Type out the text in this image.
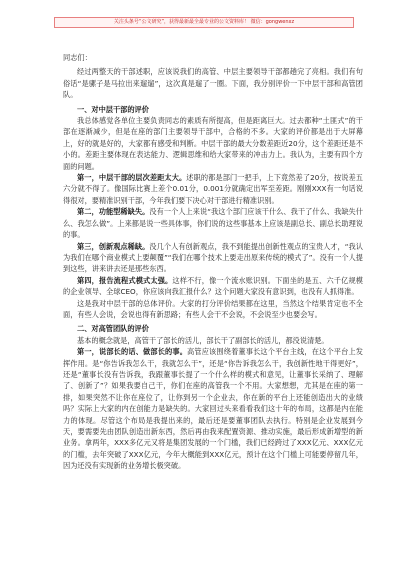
关注头条号“公文研究”，获得最新最全最专业的公文资料库！ 微信：gongwenxz

同志们：

经过两整天的干部述职，应该说我们的高管、中层主要领导干部都趟完了亮相。我们有句俗话“是骡子是马拉出来遛遛”，这次真是遛了一圈。下面，我分别评价一下中层干部和高管团队。

一、对中层干部的评价

我总体感觉各单位主要负责同志的素质有所提高，但是距离巨大。过去都种“土匪式”的干部在逐渐减少，但是在座的部门主要领导干部中，合格的不多。大家的评价都是出于大屏幕上，好的就是好的，大家都有感受和判断。中层干部的最大分数差距近20分，这个差距还是不小的。差距主要体现在表达能力、逻辑思维和给大家带来的冲击力上。我认为，主要有四个方面的问题。

第一，中层干部的层次差距太大。述职的都是部门一把手，上下竟然差了20分，按说差五六分就不得了。像国际比赛上差个0.01分，0.001分就确定出军至差距。刚刚XXX有一句话说得很对，要精准识别干部，今年我们要下决心对干部进行精准识别。

第二，功能型稀缺失。没有一个人上来说“我这个部门应该干什么、我干了什么、我缺失什么、我怎么做”。上来都是说一些具体事，你们说的这些事基本上应该是副总长、副总长助理说的事。

第三，创新观点稀缺。没几个人有创新观点，我不到能提出创新性观点的宝贵人才，“我认为我们在哪个商业模式上要颠覆”“我们在哪个技术上要走出原来传统的模式了”。没有一个人提到这些，讲来讲去还是那些东西。

第四，报告流程式模式太强。这样不行，像一个流水账识别。下面坐的是五、六千亿规模的企业领导、全球CEO，你应该向我汇报什么？这个问题大家没有意识到，也没有人抓得准。

这是我对中层干部的总体评价。大家的打分评价结果都在这里，当然这个结果肯定也不全面，有些人会说，会说也得有新思路；有些人会干不会说，不会说至少也要会写。

二、对高管团队的评价

基本的概念就是，高管干了部长的活儿，部长干了副部长的活儿，都没说清楚。

第一，说部长的话、做部长的事。高管应该围绕着董事长这个平台主线，在这个平台上发挥作用。是“你告诉我怎么干，我就怎么干”，还是“你告诉我怎么干，我创新性地干得更好”，还是“董事长没有告诉我，我跟董事长提了一个什么样的模式和意见，让董事长采纳了、理解了、创新了”？如果我要自己干，你们在座的高管我一个不用。大家想想，尤其是在座的第一排，如果突然不让你在座位了，让你到另一个企业去，你在新的平台上还能创造出大的业绩吗？实际上大家的内在创能力是缺失的。大家回过头来看看我们这十年的布局，这都是内在能力的体现。尽管这个布局是我提出来的，最后还是要董事团队去执行。特别是企业发展到今天，要需要先由团队创造出新东西，然后再由我来配置资源、推动实施，最后形成新增型的新业务。拿两年，XXX多亿元又将是集团发展的一个门槛，我们已经跨过了XXX亿元、XXX亿元的门槛，去年突破了XXX亿元，今年大概能到XXX亿元，预计在这个门槛上可能要停留几年，因为还没有实现新的业务增长极突破。
